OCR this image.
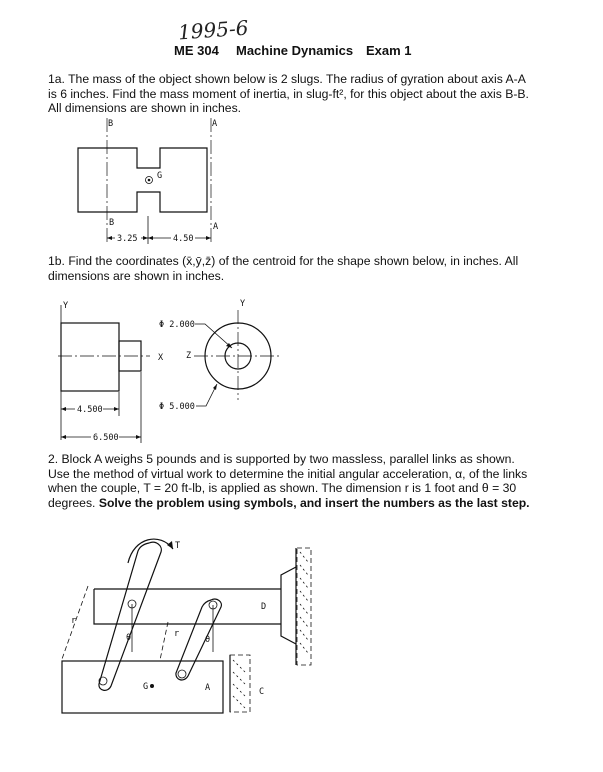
1995-6
ME 304 Machine Dynamics Exam 1
1a. The mass of the object shown below is 2 slugs. The radius of gyration about axis A-A is 6 inches. Find the mass moment of inertia, in slug-ft², for this object about the axis B-B. All dimensions are shown in inches.
B	A
G
B	A
3.25	4.50
1b. Find the coordinates (x̄,ȳ,z̄) of the centroid for the shape shown below, in inches. All dimensions are shown in inches.
Y
X
4.500
6.500
Y
Z
Φ 2.000
Φ 5.000
2. Block A weighs 5 pounds and is supported by two massless, parallel links as shown. Use the method of virtual work to determine the initial angular acceleration, α, of the links when the couple, T = 20 ft-lb, is applied as shown. The dimension r is 1 foot and θ = 30 degrees. Solve the problem using symbols, and insert the numbers as the last step.
D
G	A	C
r
r
θ	θ
T
